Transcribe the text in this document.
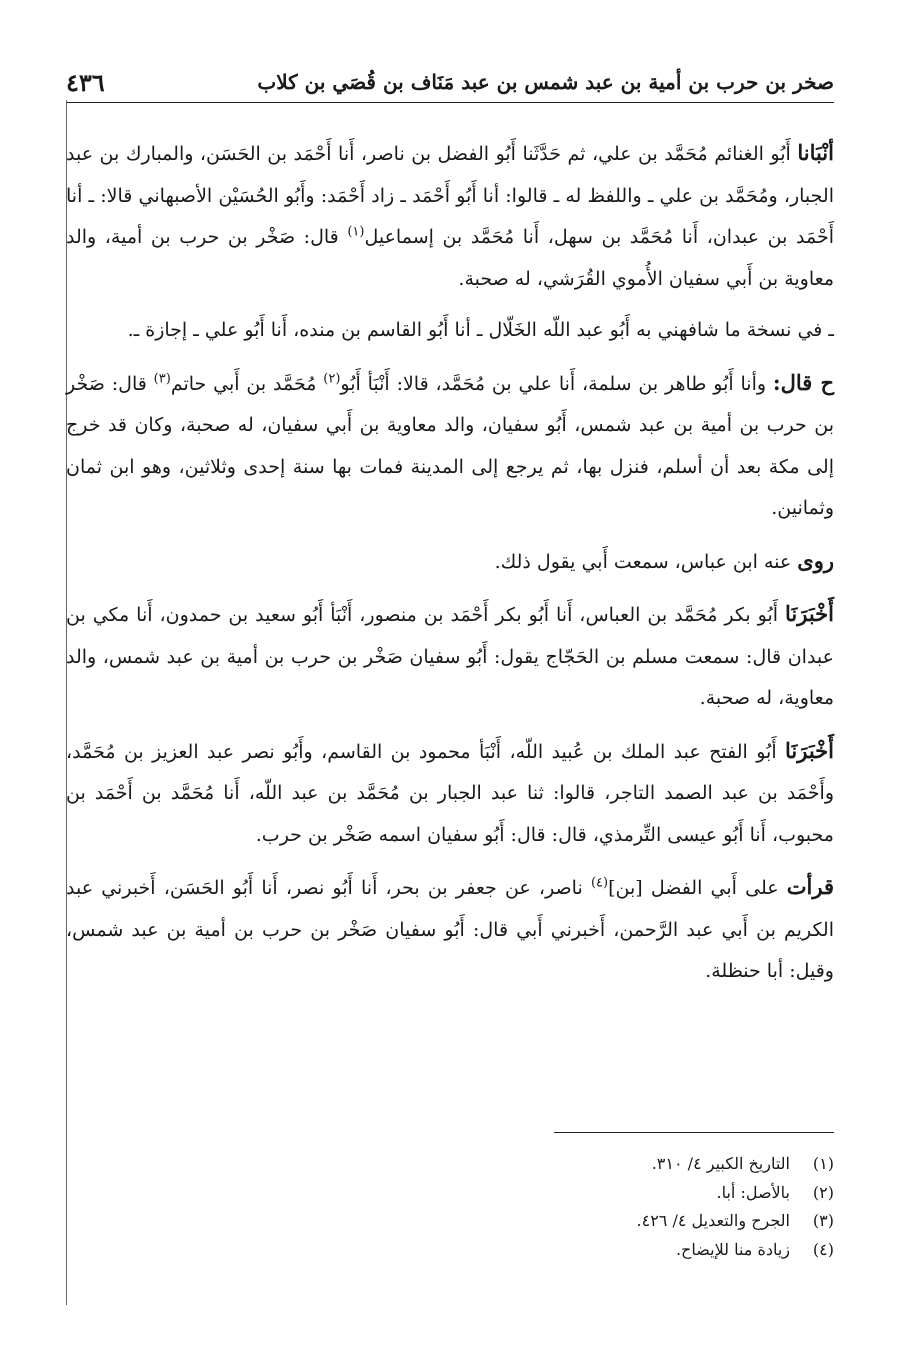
صخر بن حرب بن أمية بن عبد شمس بن عبد مَنَاف بن قُصَي بن كلاب
٤٣٦

أنْبَانا أَبُو الغنائم مُحَمَّد بن علي، ثم حَدَّثَنا أَبُو الفضل بن ناصر، أَنا أَحْمَد بن الحَسَن، والمبارك بن عبد الجبار، ومُحَمَّد بن علي ـ واللفظ له ـ قالوا: أنا أَبُو أَحْمَد ـ زاد أَحْمَد: وأَبُو الحُسَيْن الأصبهاني قالا: ـ أنا أَحْمَد بن عبدان، أَنا مُحَمَّد بن سهل، أَنا مُحَمَّد بن إسماعيل$^{(١)}$ قال: صَخْر بن حرب بن أمية، والد معاوية بن أَبي سفيان الأُموي القُرَشي، له صحبة.

ـ في نسخة ما شافهني به أَبُو عبد اللّه الخَلّال ـ أنا أَبُو القاسم بن منده، أَنا أَبُو علي ـ إجازة ـ.

ح قال: وأنا أَبُو طاهر بن سلمة، أَنا علي بن مُحَمَّد، قالا: أَنْبَأ أَبُو$^{(٢)}$ مُحَمَّد بن أَبي حاتم$^{(٣)}$ قال: صَخْر بن حرب بن أمية بن عبد شمس، أَبُو سفيان، والد معاوية بن أَبي سفيان، له صحبة، وكان قد خرج إلى مكة بعد أن أسلم، فنزل بها، ثم يرجع إلى المدينة فمات بها سنة إحدى وثلاثين، وهو ابن ثمان وثمانين.

روى عنه ابن عباس، سمعت أَبي يقول ذلك.

أَخْبَرَنَا أَبُو بكر مُحَمَّد بن العباس، أَنا أَبُو بكر أَحْمَد بن منصور، أَنْبَأ أَبُو سعيد بن حمدون، أَنا مكي بن عبدان قال: سمعت مسلم بن الحَجّاج يقول: أَبُو سفيان صَخْر بن حرب بن أمية بن عبد شمس، والد معاوية، له صحبة.

أَخْبَرَنَا أَبُو الفتح عبد الملك بن عُبيد اللّه، أَنْبَأ محمود بن القاسم، وأَبُو نصر عبد العزيز بن مُحَمَّد، وأَحْمَد بن عبد الصمد التاجر، قالوا: ثنا عبد الجبار بن مُحَمَّد بن عبد اللّه، أَنا مُحَمَّد بن أَحْمَد بن محبوب، أَنا أَبُو عيسى التِّرمذي، قال: قال: أَبُو سفيان اسمه صَخْر بن حرب.

قرأت على أَبي الفضل [بن]$^{(٤)}$ ناصر، عن جعفر بن بحر، أَنا أَبُو نصر، أَنا أَبُو الحَسَن، أَخبرني عبد الكريم بن أَبي عبد الرَّحمن، أَخبرني أَبي قال: أَبُو سفيان صَخْر بن حرب بن أمية بن عبد شمس، وقيل: أبا حنظلة.

(١)
التاريخ الكبير ٤/ ٣١٠.
(٢)
بالأصل: أبا.
(٣)
الجرح والتعديل ٤/ ٤٢٦.
(٤)
زيادة منا للإيضاح.
